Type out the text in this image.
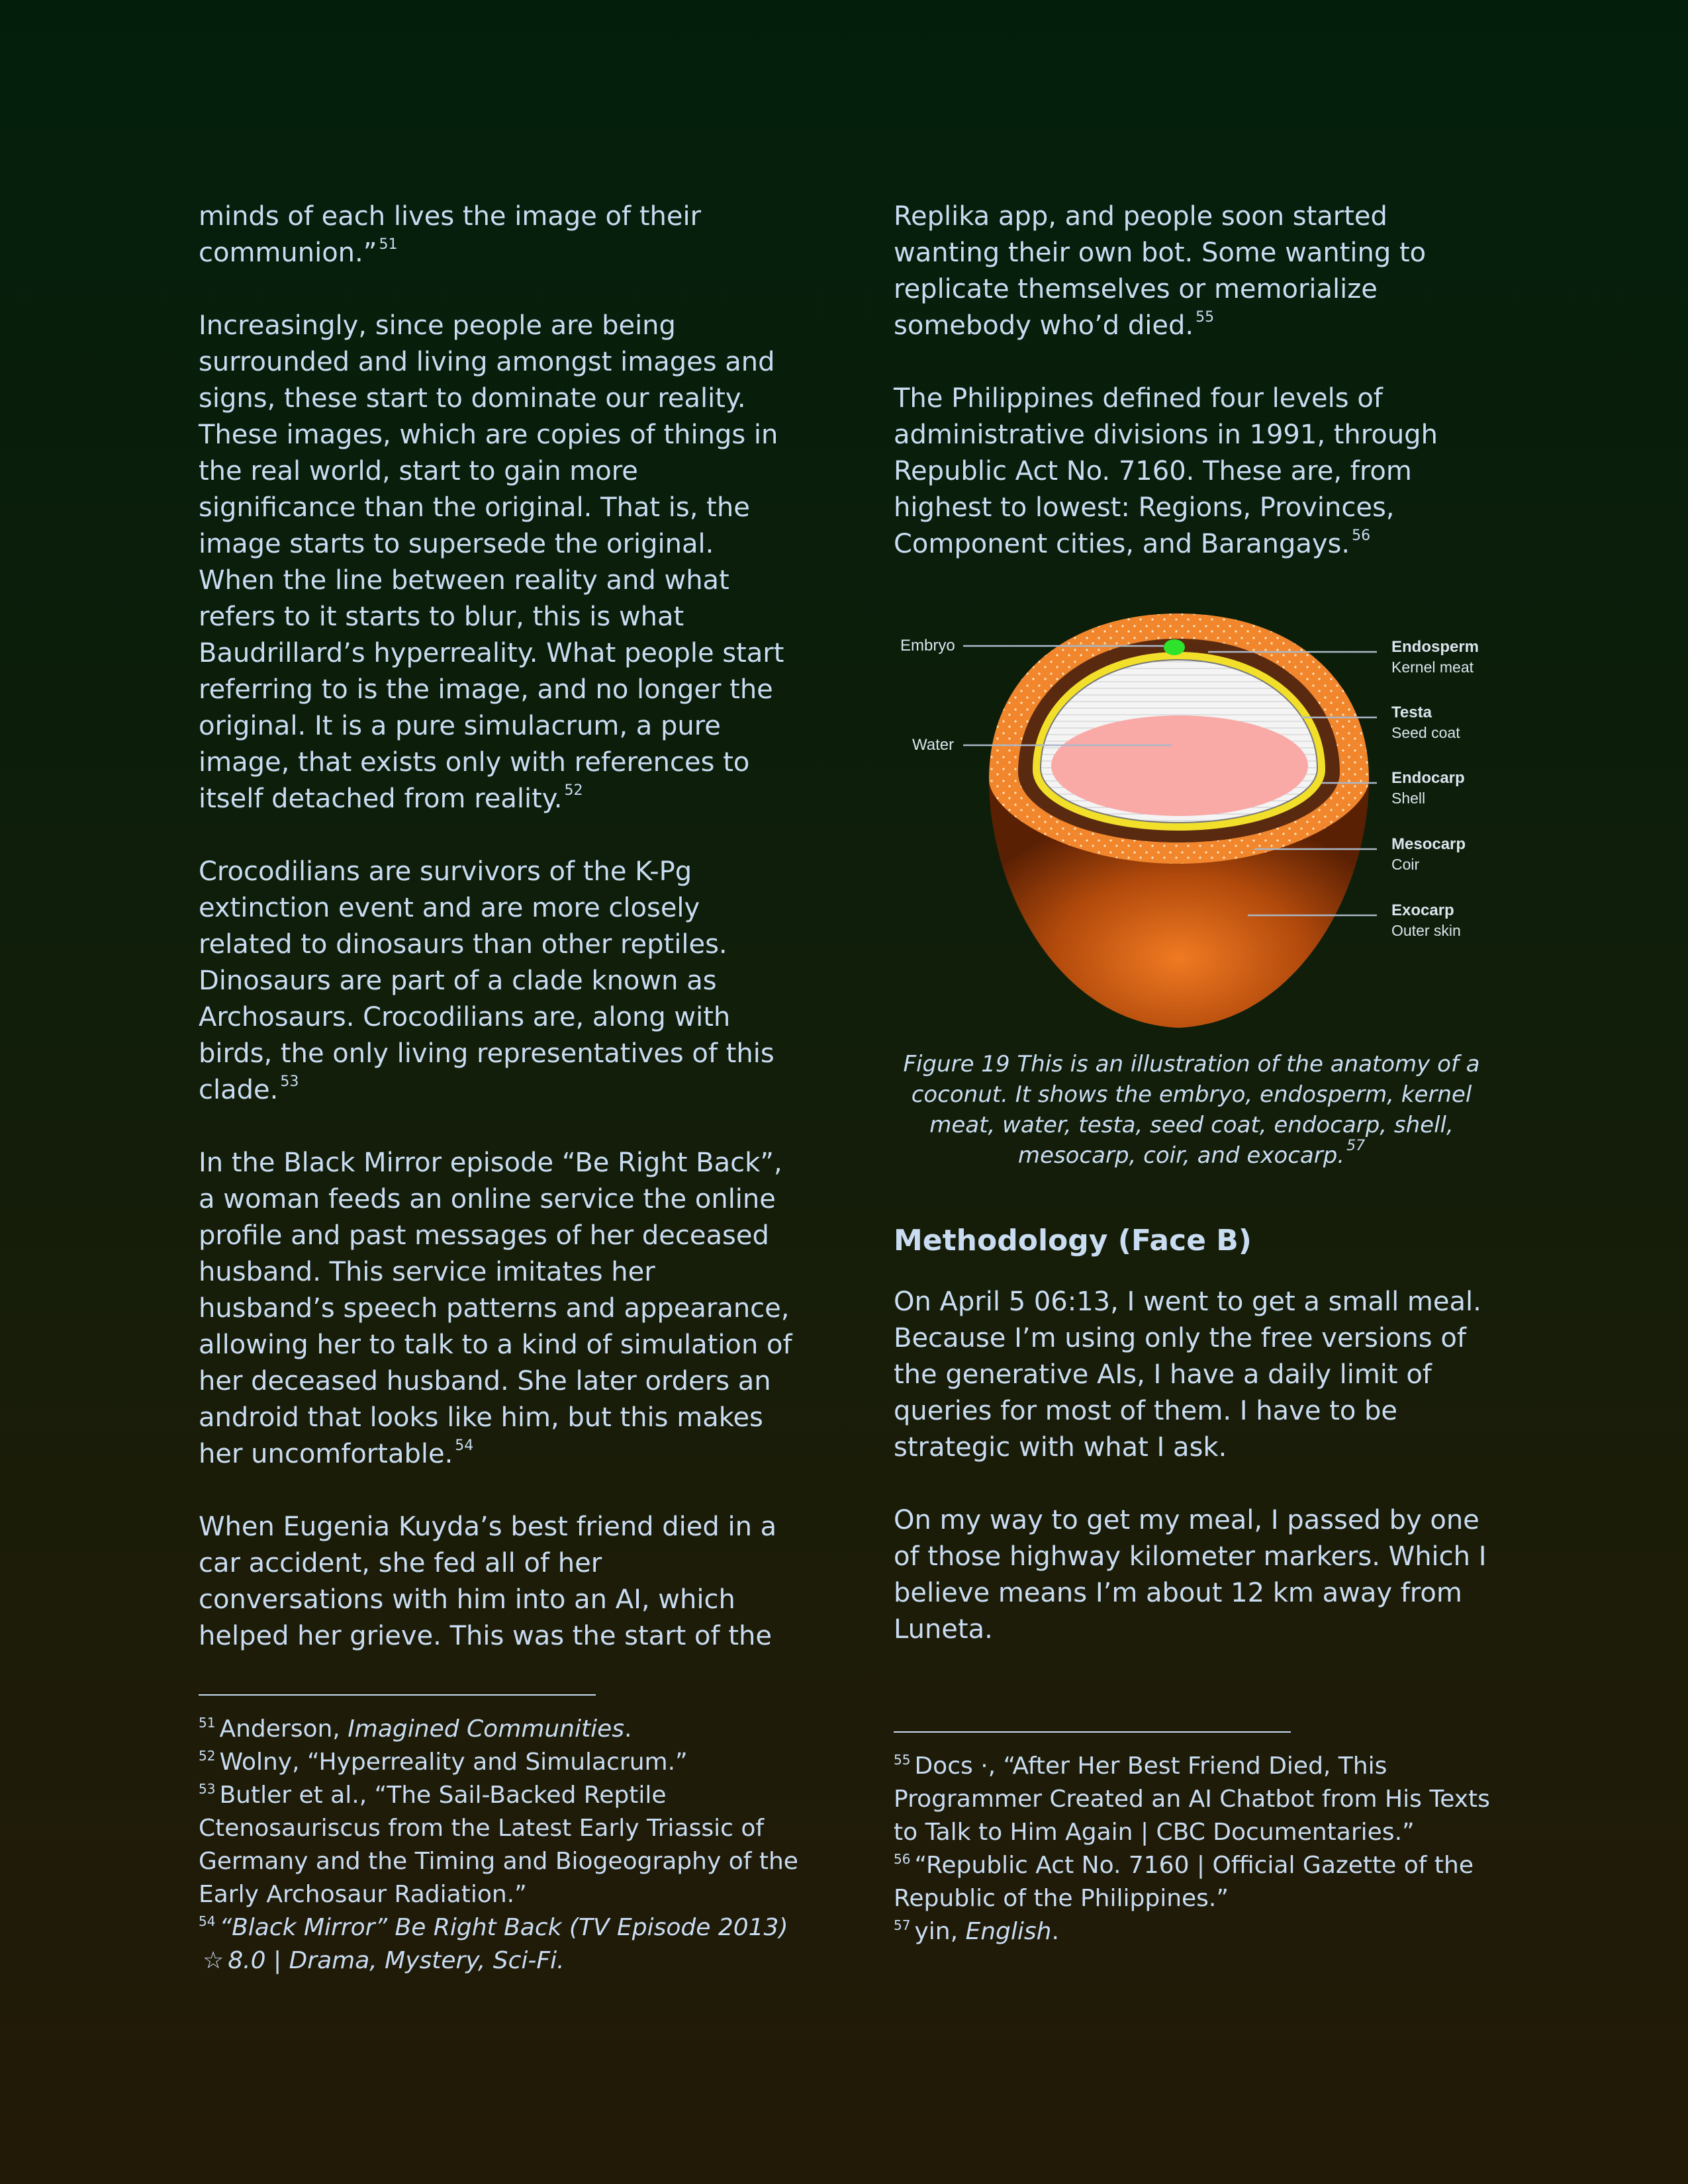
minds of each lives the image of their communion.” $^{51}$

Increasingly, since people are being surrounded and living amongst images and signs, these start to dominate our reality. These images, which are copies of things in the real world, start to gain more significance than the original. That is, the image starts to supersede the original. When the line between reality and what refers to it starts to blur, this is what Baudrillard’s hyperreality. What people start referring to is the image, and no longer the original. It is a pure simulacrum, a pure image, that exists only with references to itself detached from reality. $^{52}$

Crocodilians are survivors of the K-Pg extinction event and are more closely related to dinosaurs than other reptiles. Dinosaurs are part of a clade known as Archosaurs. Crocodilians are, along with birds, the only living representatives of this clade. $^{53}$

In the Black Mirror episode “Be Right Back”, a woman feeds an online service the online profile and past messages of her deceased husband. This service imitates her husband’s speech patterns and appearance, allowing her to talk to a kind of simulation of her deceased husband. She later orders an android that looks like him, but this makes her uncomfortable. $^{54}$

When Eugenia Kuyda’s best friend died in a car accident, she fed all of her conversations with him into an AI, which helped her grieve. This was the start of the

Replika app, and people soon started wanting their own bot. Some wanting to replicate themselves or memorialize somebody who’d died. $^{55}$

The Philippines defined four levels of administrative divisions in 1991, through Republic Act No. 7160. These are, from highest to lowest: Regions, Provinces, Component cities, and Barangays. $^{56}$

Embryo
Water
Endosperm
Kernel meat
Testa
Seed coat
Endocarp
Shell
Mesocarp
Coir
Exocarp
Outer skin

Figure 19 This is an illustration of the anatomy of a coconut. It shows the embryo, endosperm, kernel meat, water, testa, seed coat, endocarp, shell, mesocarp, coir, and exocarp. $^{57}$

Methodology (Face B)

On April 5 06:13, I went to get a small meal. Because I’m using only the free versions of the generative AIs, I have a daily limit of queries for most of them. I have to be strategic with what I ask.

On my way to get my meal, I passed by one of those highway kilometer markers. Which I believe means I’m about 12 km away from Luneta.

$^{51}$ Anderson, Imagined Communities.

$^{52}$ Wolny, “Hyperreality and Simulacrum.”

$^{53}$ Butler et al., “The Sail-Backed Reptile Ctenosauriscus from the Latest Early Triassic of Germany and the Timing and Biogeography of the Early Archosaur Radiation.”

$^{54}$ “Black Mirror” Be Right Back (TV Episode 2013)☆ 8.0 | Drama, Mystery, Sci-Fi.

$^{55}$ Docs ·, “After Her Best Friend Died, This Programmer Created an AI Chatbot from His Texts to Talk to Him Again | CBC Documentaries.”

$^{56}$ “Republic Act No. 7160 | Official Gazette of the Republic of the Philippines.”

$^{57}$ yin, English.
